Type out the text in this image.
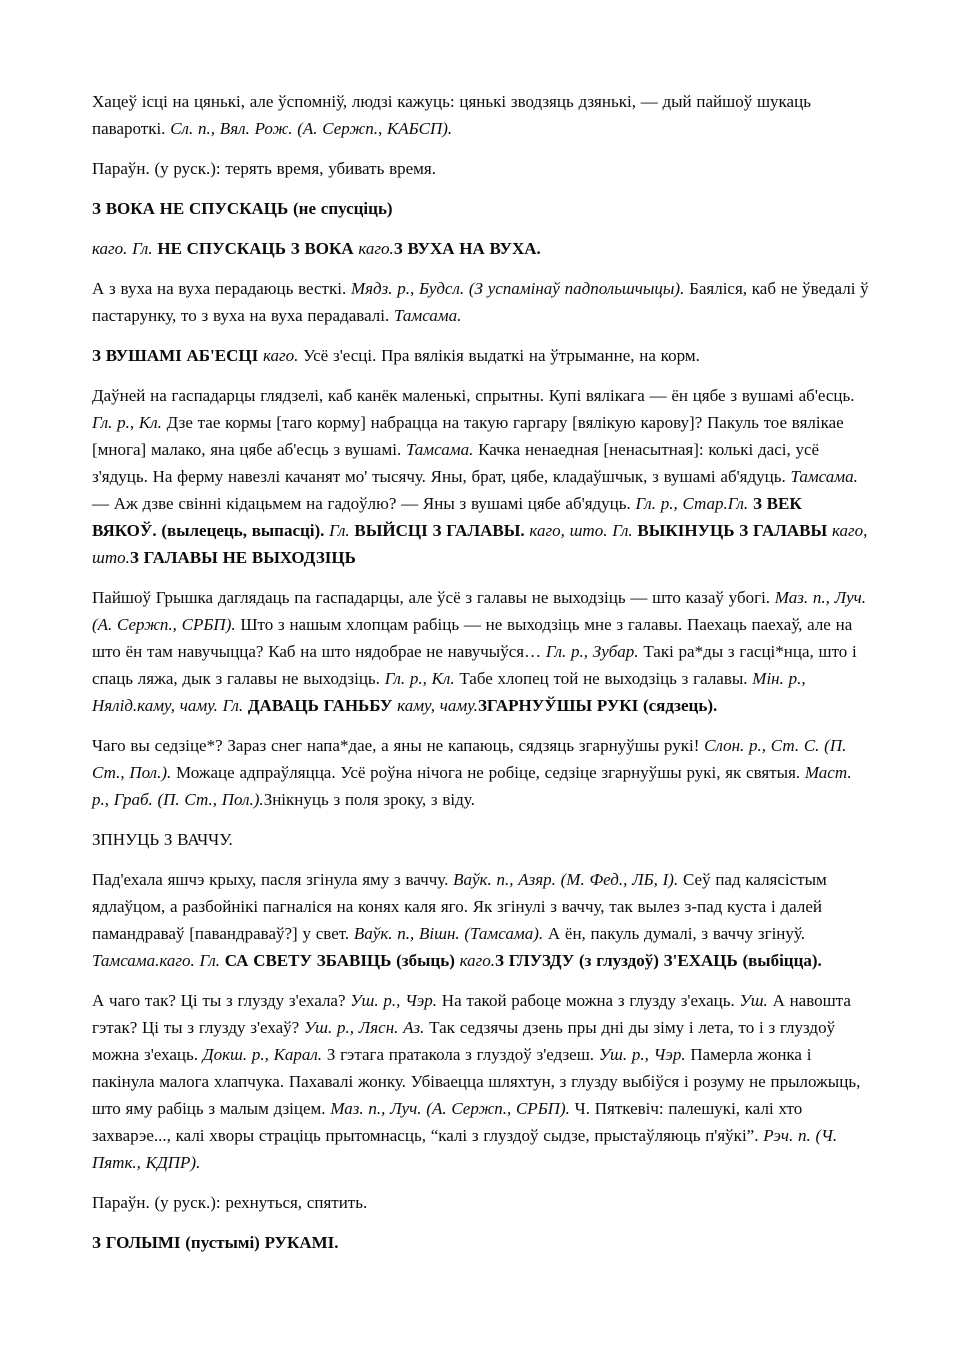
Хацеў ісці на цянькі, але ўспомніў, людзі кажуць: цянькі зводзяць дзянькі, — дый пайшоў шукаць павароткі. Сл. п., Вял. Рож. (А. Сержп., КАБСП).

Параўн. (у руск.): терять время, убивать время.

З ВОКА НЕ СПУСКАЦЬ (не спусціць)

каго. Гл. НЕ СПУСКАЦЬ З ВОКА каго.З ВУХА НА ВУХА.

А з вуха на вуха перадаюць весткі. Мядз. р., Будсл. (З успамінаў падпольшчыцы). Баяліся, каб не ўведалі ў пастарунку, то з вуха на вуха перадавалі. Тамсама.

З ВУШАМІ АБ'ЕСЦІ каго. Усё з'есці. Пра вялікія выдаткі на ўтрыманне, на корм.

Даўней на гаспадарцы глядзелі, каб канёк маленькі, спрытны. Купі вялікага — ён цябе з вушамі аб'есць. Гл. р., Кл. Дзе тае кормы [таго корму] набрацца на такую гаргару [вялікую карову]? Пакуль тое вялікае [многа] малако, яна цябе аб'есць з вушамі. Тамсама. Качка ненаедная [ненасытная]: колькі дасі, усё з'ядуць. На ферму навезлі качанят мо' тысячу. Яны, брат, цябе, кладаўшчык, з вушамі аб'ядуць. Тамсама. — Аж дзве свінні кідацьмем на гадоўлю? — Яны з вушамі цябе аб'ядуць. Гл. р., Стар.Гл. З ВЕК ВЯКОЎ. (вылецець, выпасці). Гл. ВЫЙСЦІ З ГАЛАВЫ. каго, што. Гл. ВЫКІНУЦЬ З ГАЛАВЫ каго, што.З ГАЛАВЫ НЕ ВЫХОДЗІЦЬ

Пайшоў Грышка даглядаць па гаспадарцы, але ўсё з галавы не выходзіць — што казаў убогі. Маз. п., Луч. (А. Сержп., СРБП). Што з нашым хлопцам рабіць — не выходзіць мне з галавы. Паехаць паехаў, але на што ён там навучыцца? Каб на што нядобрае не навучыўся… Гл. р., Зубар. Такі ра*ды з гасці*нца, што і спаць ляжа, дык з галавы не выходзіць. Гл. р., Кл. Табе хлопец той не выходзіць з галавы. Мін. р., Нялід.каму, чаму. Гл. ДАВАЦЬ ГАНЬБУ каму, чаму.ЗГАРНУЎШЫ РУКІ (сядзець).

Чаго вы седзіце*? Зараз снег напа*дае, а яны не капаюць, сядзяць згарнуўшы рукі! Слон. р., Ст. С. (П. Ст., Пол.). Можаце адпраўляцца. Усё роўна нічога не робіце, седзіце згарнуўшы рукі, як святыя. Маст. р., Граб. (П. Ст., Пол.).Знікнуць з поля зроку, з віду.

ЗПНУЦЬ З ВАЧЧУ.

Пад'ехала яшчэ крыху, пасля згінула яму з ваччу. Ваўк. п., Азяр. (М. Фед., ЛБ, І). Сеў пад калясістым ядлаўцом, а разбойнікі пагналіся на конях каля яго. Як згінулі з ваччу, так вылез з-пад куста і далей памандраваў [павандраваў?] у свет. Ваўк. п., Вішн. (Тамсама). А ён, пакуль думалі, з ваччу згінуў. Тамсама.каго. Гл. СА СВЕТУ ЗБАВІЦЬ (збыць) каго.З ГЛУЗДУ (з глуздоў) З'ЕХАЦЬ (выбіцца).

А чаго так? Ці ты з глузду з'ехала? Уш. р., Чэр. На такой рабоце можна з глузду з'ехаць. Уш. А навошта гэтак? Ці ты з глузду з'ехаў? Уш. р., Лясн. Аз. Так седзячы дзень пры дні ды зіму і лета, то і з глуздоў можна з'ехаць. Докш. р., Карал. З гэтага пратакола з глуздоў з'едзеш. Уш. р., Чэр. Памерла жонка і пакінула малога хлапчука. Пахавалі жонку. Убіваецца шляхтун, з глузду выбіўся і розуму не прыложыць, што яму рабіць з малым дзіцем. Маз. п., Луч. (А. Сержп., СРБП). Ч. Пяткевіч: палешукі, калі хто захварэе..., калі хворы страціць прытомнасць, “калі з глуздоў сыдзе, прыстаўляюць п'яўкі”. Рэч. п. (Ч. Пятк., КДПР).

Параўн. (у руск.): рехнуться, спятить.

З ГОЛЫМІ (пустымі) РУКАМІ.
